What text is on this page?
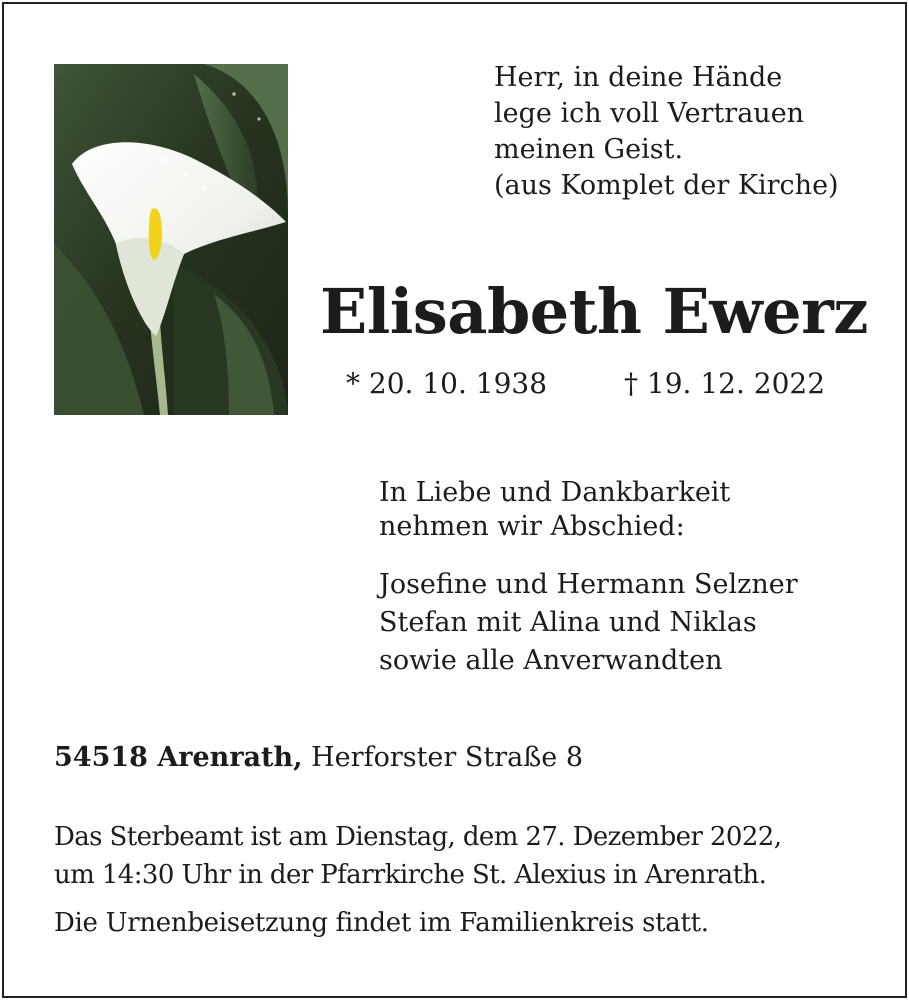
Herr, in deine Hände
lege ich voll Vertrauen
meinen Geist.
(aus Komplet der Kirche)
Elisabeth Ewerz
* 20. 10. 1938	† 19. 12. 2022
In Liebe und Dankbarkeit
nehmen wir Abschied:
Josefine und Hermann Selzner
Stefan mit Alina und Niklas
sowie alle Anverwandten
54518 Arenrath, Herforster Straße 8
Das Sterbeamt ist am Dienstag, dem 27. Dezember 2022,
um 14:30 Uhr in der Pfarrkirche St. Alexius in Arenrath.
Die Urnenbeisetzung findet im Familienkreis statt.
